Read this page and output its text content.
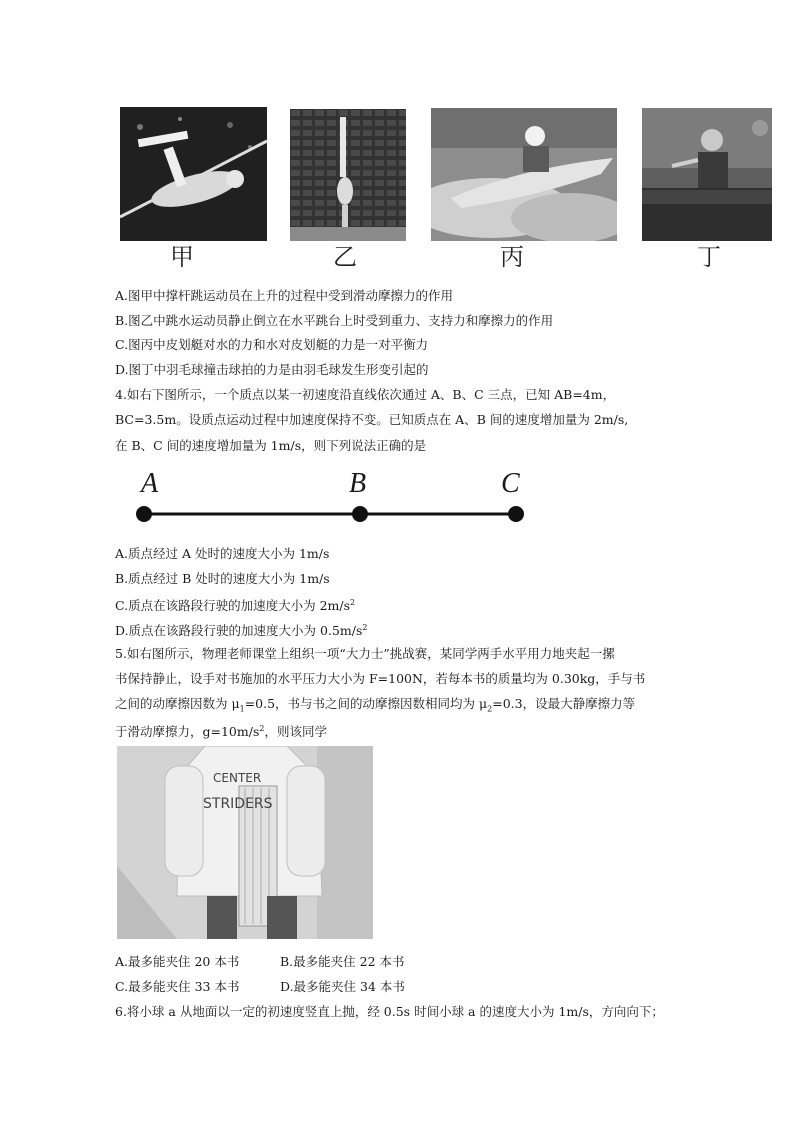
甲	乙	丙	丁
A.图甲中撑杆跳运动员在上升的过程中受到滑动摩擦力的作用
B.图乙中跳水运动员静止倒立在水平跳台上时受到重力、支持力和摩擦力的作用
C.图丙中皮划艇对水的力和水对皮划艇的力是一对平衡力
D.图丁中羽毛球撞击球拍的力是由羽毛球发生形变引起的
4.如右下图所示，一个质点以某一初速度沿直线依次通过 A、B、C 三点，已知 AB=4m，
BC=3.5m。设质点运动过程中加速度保持不变。已知质点在 A、B 间的速度增加量为 2m/s,
在 B、C 间的速度增加量为 1m/s，则下列说法正确的是
A	B	C
A.质点经过 A 处时的速度大小为 1m/s
B.质点经过 B 处时的速度大小为 1m/s
C.质点在该路段行驶的加速度大小为 $2m/s^2$
D.质点在该路段行驶的加速度大小为 $0.5m/s^2$
5.如右图所示，物理老师课堂上组织一项“大力士”挑战赛，某同学两手水平用力地夹起一摞
书保持静止，设手对书施加的水平压力大小为 F=100N，若每本书的质量均为 0.30kg，手与书
之间的动摩擦因数为 $\mu_1=0.5$，书与书之间的动摩擦因数相同均为 $\mu_2=0.3$，设最大静摩擦力等
于滑动摩擦力，$g=10m/s^2$，则该同学
CENTER
STRIDERS
A.最多能夹住 20 本书	B.最多能夹住 22 本书
C.最多能夹住 33 本书	D.最多能夹住 34 本书
6.将小球 a 从地面以一定的初速度竖直上抛，经 0.5s 时间小球 a 的速度大小为 1m/s，方向向下；
